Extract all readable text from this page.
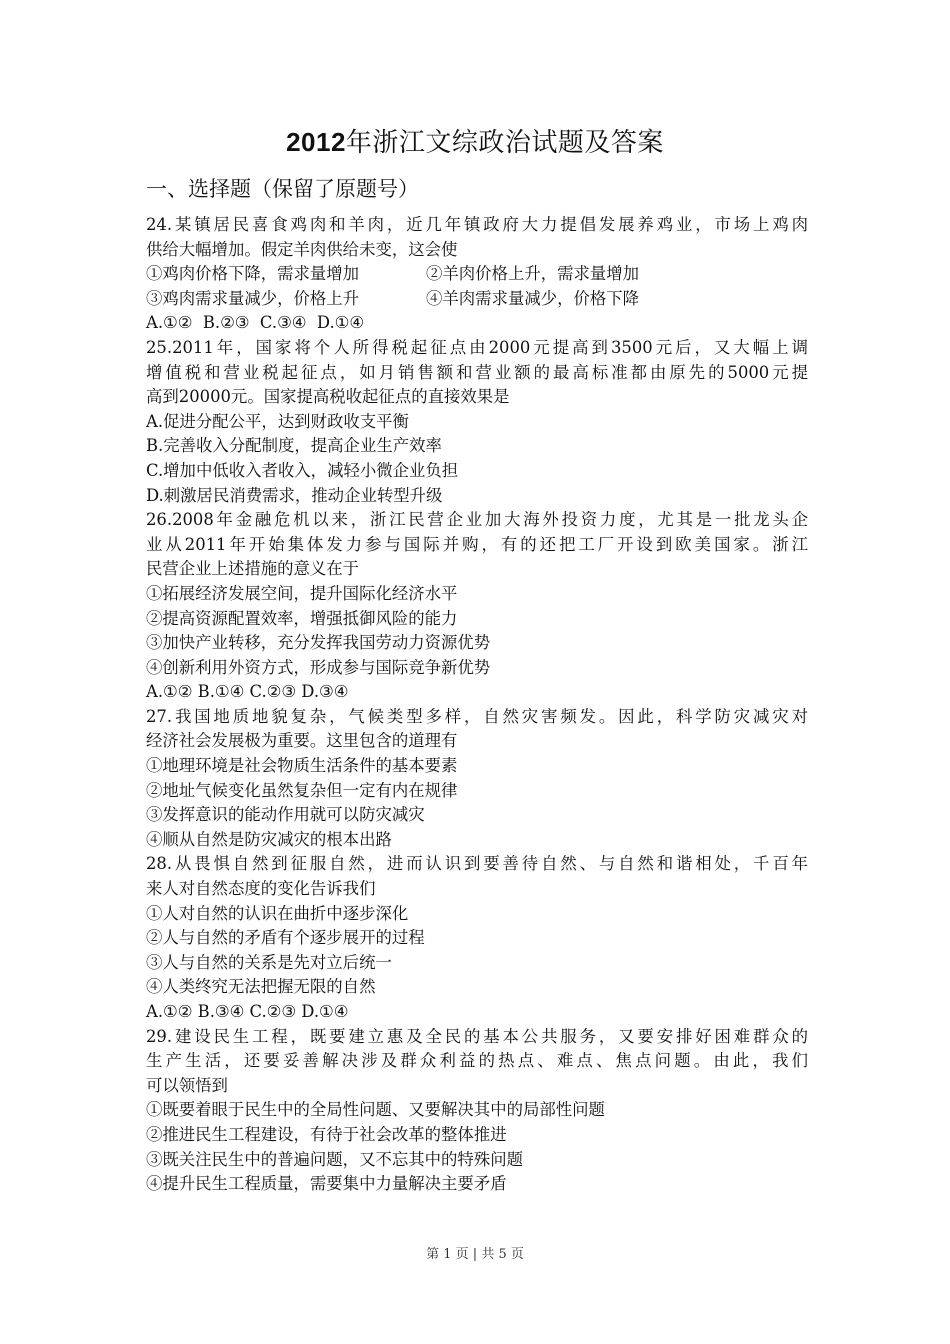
2012年浙江文综政治试题及答案
一、选择题（保留了原题号）
24.某镇居民喜食鸡肉和羊肉，近几年镇政府大力提倡发展养鸡业，市场上鸡肉
供给大幅增加。假定羊肉供给未变，这会使
①鸡肉价格下降，需求量增加	②羊肉价格上升，需求量增加
③鸡肉需求量减少，价格上升	④羊肉需求量减少，价格下降
A.①②  B.②③  C.③④  D.①④
25.2011年，国家将个人所得税起征点由2000元提高到3500元后，又大幅上调
增值税和营业税起征点，如月销售额和营业额的最高标准都由原先的5000元提
高到20000元。国家提高税收起征点的直接效果是
A.促进分配公平，达到财政收支平衡
B.完善收入分配制度，提高企业生产效率
C.增加中低收入者收入，减轻小微企业负担
D.刺激居民消费需求，推动企业转型升级
26.2008年金融危机以来，浙江民营企业加大海外投资力度，尤其是一批龙头企
业从2011年开始集体发力参与国际并购，有的还把工厂开设到欧美国家。浙江
民营企业上述措施的意义在于
①拓展经济发展空间，提升国际化经济水平
②提高资源配置效率，增强抵御风险的能力
③加快产业转移，充分发挥我国劳动力资源优势
④创新利用外资方式，形成参与国际竞争新优势
A.①② B.①④ C.②③ D.③④
27.我国地质地貌复杂，气候类型多样，自然灾害频发。因此，科学防灾减灾对
经济社会发展极为重要。这里包含的道理有
①地理环境是社会物质生活条件的基本要素
②地址气候变化虽然复杂但一定有内在规律
③发挥意识的能动作用就可以防灾减灾
④顺从自然是防灾减灾的根本出路
28.从畏惧自然到征服自然，进而认识到要善待自然、与自然和谐相处，千百年
来人对自然态度的变化告诉我们
①人对自然的认识在曲折中逐步深化
②人与自然的矛盾有个逐步展开的过程
③人与自然的关系是先对立后统一
④人类终究无法把握无限的自然
A.①② B.③④ C.②③ D.①④
29.建设民生工程，既要建立惠及全民的基本公共服务，又要安排好困难群众的
生产生活，还要妥善解决涉及群众利益的热点、难点、焦点问题。由此，我们
可以领悟到
①既要着眼于民生中的全局性问题、又要解决其中的局部性问题
②推进民生工程建设，有待于社会改革的整体推进
③既关注民生中的普遍问题，又不忘其中的特殊问题
④提升民生工程质量，需要集中力量解决主要矛盾
第 1 页 | 共 5 页
